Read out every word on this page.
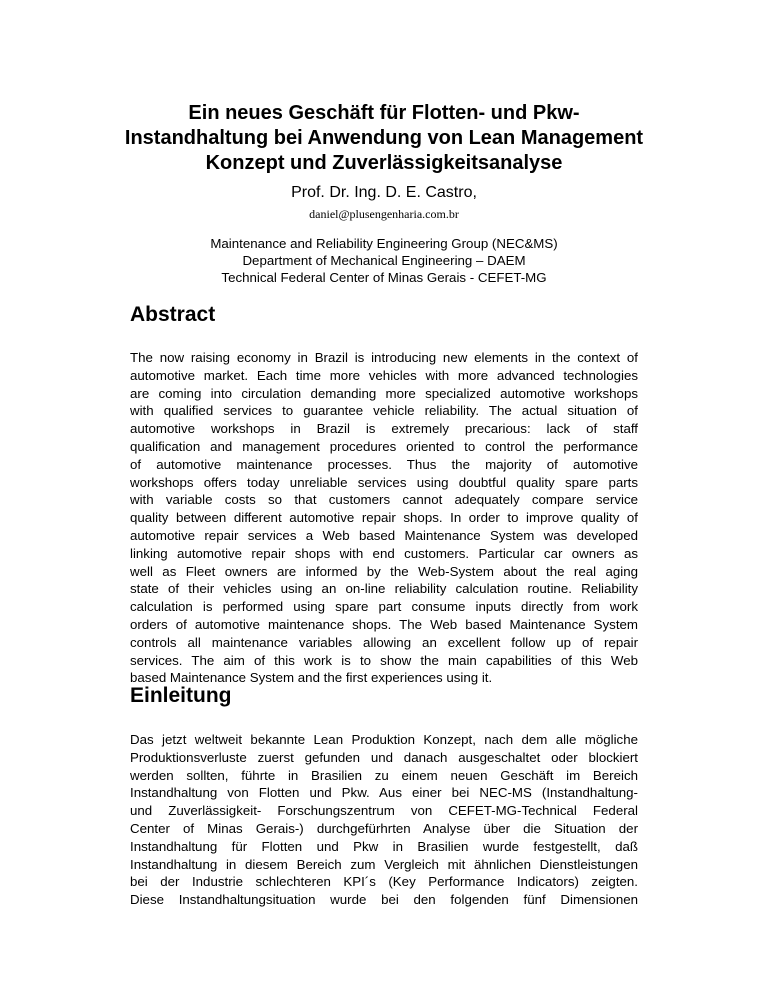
Ein neues Geschäft für Flotten- und Pkw-
Instandhaltung bei Anwendung von Lean Management
Konzept und Zuverlässigkeitsanalyse
Prof. Dr. Ing. D. E. Castro,
daniel@plusengenharia.com.br
Maintenance and Reliability Engineering Group (NEC&MS)
Department of Mechanical Engineering – DAEM
Technical Federal Center of Minas Gerais - CEFET-MG
Abstract

The now raising economy in Brazil is introducing new elements in the context of
automotive market. Each time more vehicles with more advanced technologies
are coming into circulation demanding more specialized automotive workshops
with qualified services to guarantee vehicle reliability. The actual situation of
automotive workshops in Brazil is extremely precarious: lack of staff
qualification and management procedures oriented to control the performance
of automotive maintenance processes. Thus the majority of automotive
workshops offers today unreliable services using doubtful quality spare parts
with variable costs so that customers cannot adequately compare service
quality between different automotive repair shops. In order to improve quality of
automotive repair services a Web based Maintenance System was developed
linking automotive repair shops with end customers. Particular car owners as
well as Fleet owners are informed by the Web-System about the real aging
state of their vehicles using an on-line reliability calculation routine. Reliability
calculation is performed using spare part consume inputs directly from work
orders of automotive maintenance shops. The Web based Maintenance System
controls all maintenance variables allowing an excellent follow up of repair
services. The aim of this work is to show the main capabilities of this Web
based Maintenance System and the first experiences using it.

Einleitung

Das jetzt weltweit bekannte Lean Produktion Konzept, nach dem alle mögliche
Produktionsverluste zuerst gefunden und danach ausgeschaltet oder blockiert
werden sollten, führte in Brasilien zu einem neuen Geschäft im Bereich
Instandhaltung von Flotten und Pkw. Aus einer bei NEC-MS (Instandhaltung-
und Zuverlässigkeit- Forschungszentrum von CEFET-MG-Technical Federal
Center of Minas Gerais-) durchgefürhrten Analyse über die Situation der
Instandhaltung für Flotten und Pkw in Brasilien wurde festgestellt, daß
Instandhaltung in diesem Bereich zum Vergleich mit ähnlichen Dienstleistungen
bei der Industrie schlechteren KPI´s (Key Performance Indicators) zeigten.
Diese Instandhaltungsituation wurde bei den folgenden fünf Dimensionen
